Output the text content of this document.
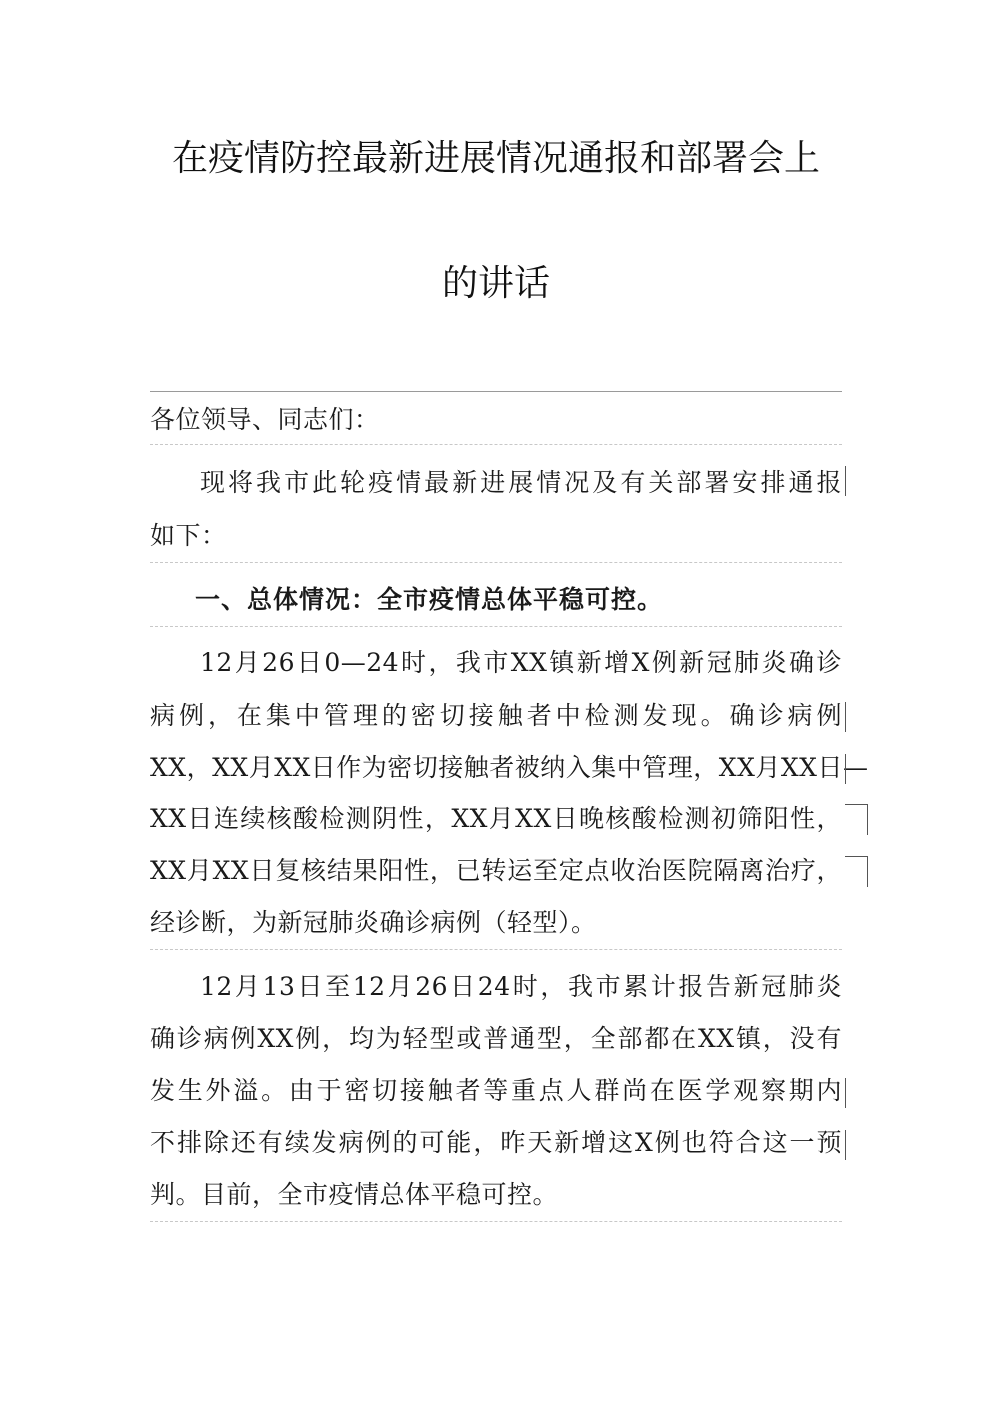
在疫情防控最新进展情况通报和部署会上
的讲话
各位领导、同志们：
现将我市此轮疫情最新进展情况及有关部署安排通报
如下：
一、总体情况：全市疫情总体平稳可控。
12月26日0—24时，我市XX镇新增X例新冠肺炎确诊
病例，在集中管理的密切接触者中检测发现。确诊病例
XX，XX月XX日作为密切接触者被纳入集中管理，XX月XX日—
XX日连续核酸检测阴性，XX月XX日晚核酸检测初筛阳性，
XX月XX日复核结果阳性，已转运至定点收治医院隔离治疗，
经诊断，为新冠肺炎确诊病例（轻型）。
12月13日至12月26日24时，我市累计报告新冠肺炎
确诊病例XX例，均为轻型或普通型，全部都在XX镇，没有
发生外溢。由于密切接触者等重点人群尚在医学观察期内
不排除还有续发病例的可能，昨天新增这X例也符合这一预
判。目前，全市疫情总体平稳可控。
